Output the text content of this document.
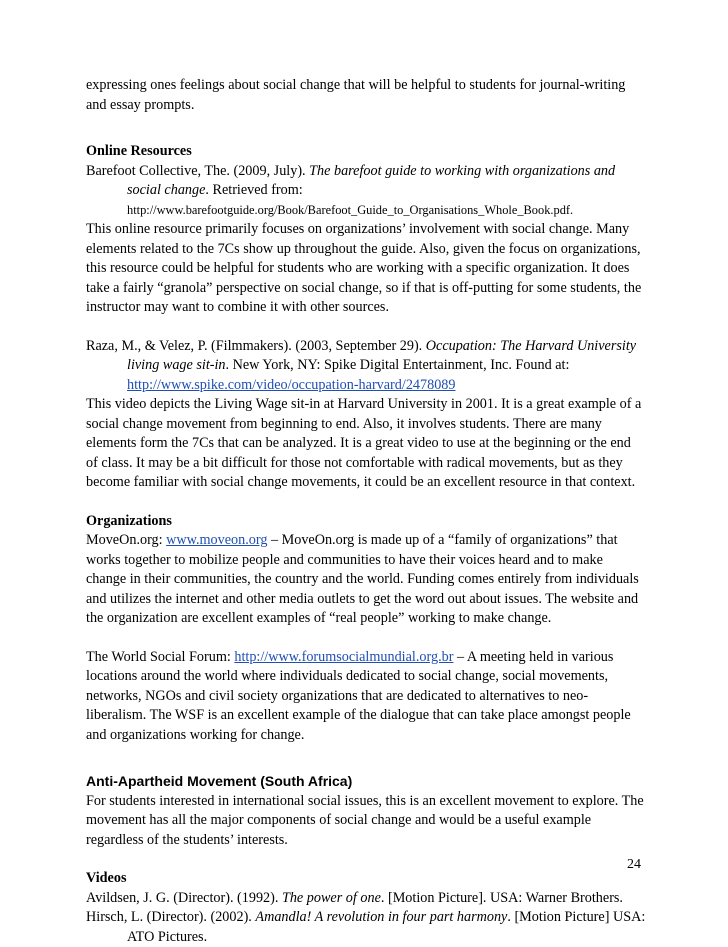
expressing ones feelings about social change that will be helpful to students for journal-writing and essay prompts.

Online Resources

Barefoot Collective, The. (2009, July). The barefoot guide to working with organizations and social change. Retrieved from:
http://www.barefootguide.org/Book/Barefoot_Guide_to_Organisations_Whole_Book.pdf.

This online resource primarily focuses on organizations’ involvement with social change. Many elements related to the 7Cs show up throughout the guide. Also, given the focus on organizations, this resource could be helpful for students who are working with a specific organization. It does take a fairly “granola” perspective on social change, so if that is off-putting for some students, the instructor may want to combine it with other sources.

Raza, M., & Velez, P. (Filmmakers). (2003, September 29). Occupation: The Harvard University living wage sit-in. New York, NY: Spike Digital Entertainment, Inc. Found at: http://www.spike.com/video/occupation-harvard/2478089

This video depicts the Living Wage sit-in at Harvard University in 2001. It is a great example of a social change movement from beginning to end. Also, it involves students. There are many elements form the 7Cs that can be analyzed. It is a great video to use at the beginning or the end of class. It may be a bit difficult for those not comfortable with radical movements, but as they become familiar with social change movements, it could be an excellent resource in that context.

Organizations

MoveOn.org: www.moveon.org – MoveOn.org is made up of a “family of organizations” that works together to mobilize people and communities to have their voices heard and to make change in their communities, the country and the world. Funding comes entirely from individuals and utilizes the internet and other media outlets to get the word out about issues. The website and the organization are excellent examples of “real people” working to make change.

The World Social Forum: http://www.forumsocialmundial.org.br – A meeting held in various locations around the world where individuals dedicated to social change, social movements, networks, NGOs and civil society organizations that are dedicated to alternatives to neo-liberalism. The WSF is an excellent example of the dialogue that can take place amongst people and organizations working for change.

Anti-Apartheid Movement (South Africa)

For students interested in international social issues, this is an excellent movement to explore. The movement has all the major components of social change and would be a useful example regardless of the students’ interests.

Videos

Avildsen, J. G. (Director). (1992). The power of one. [Motion Picture]. USA: Warner Brothers.

Hirsch, L. (Director). (2002). Amandla! A revolution in four part harmony. [Motion Picture] USA: ATO Pictures.

24
